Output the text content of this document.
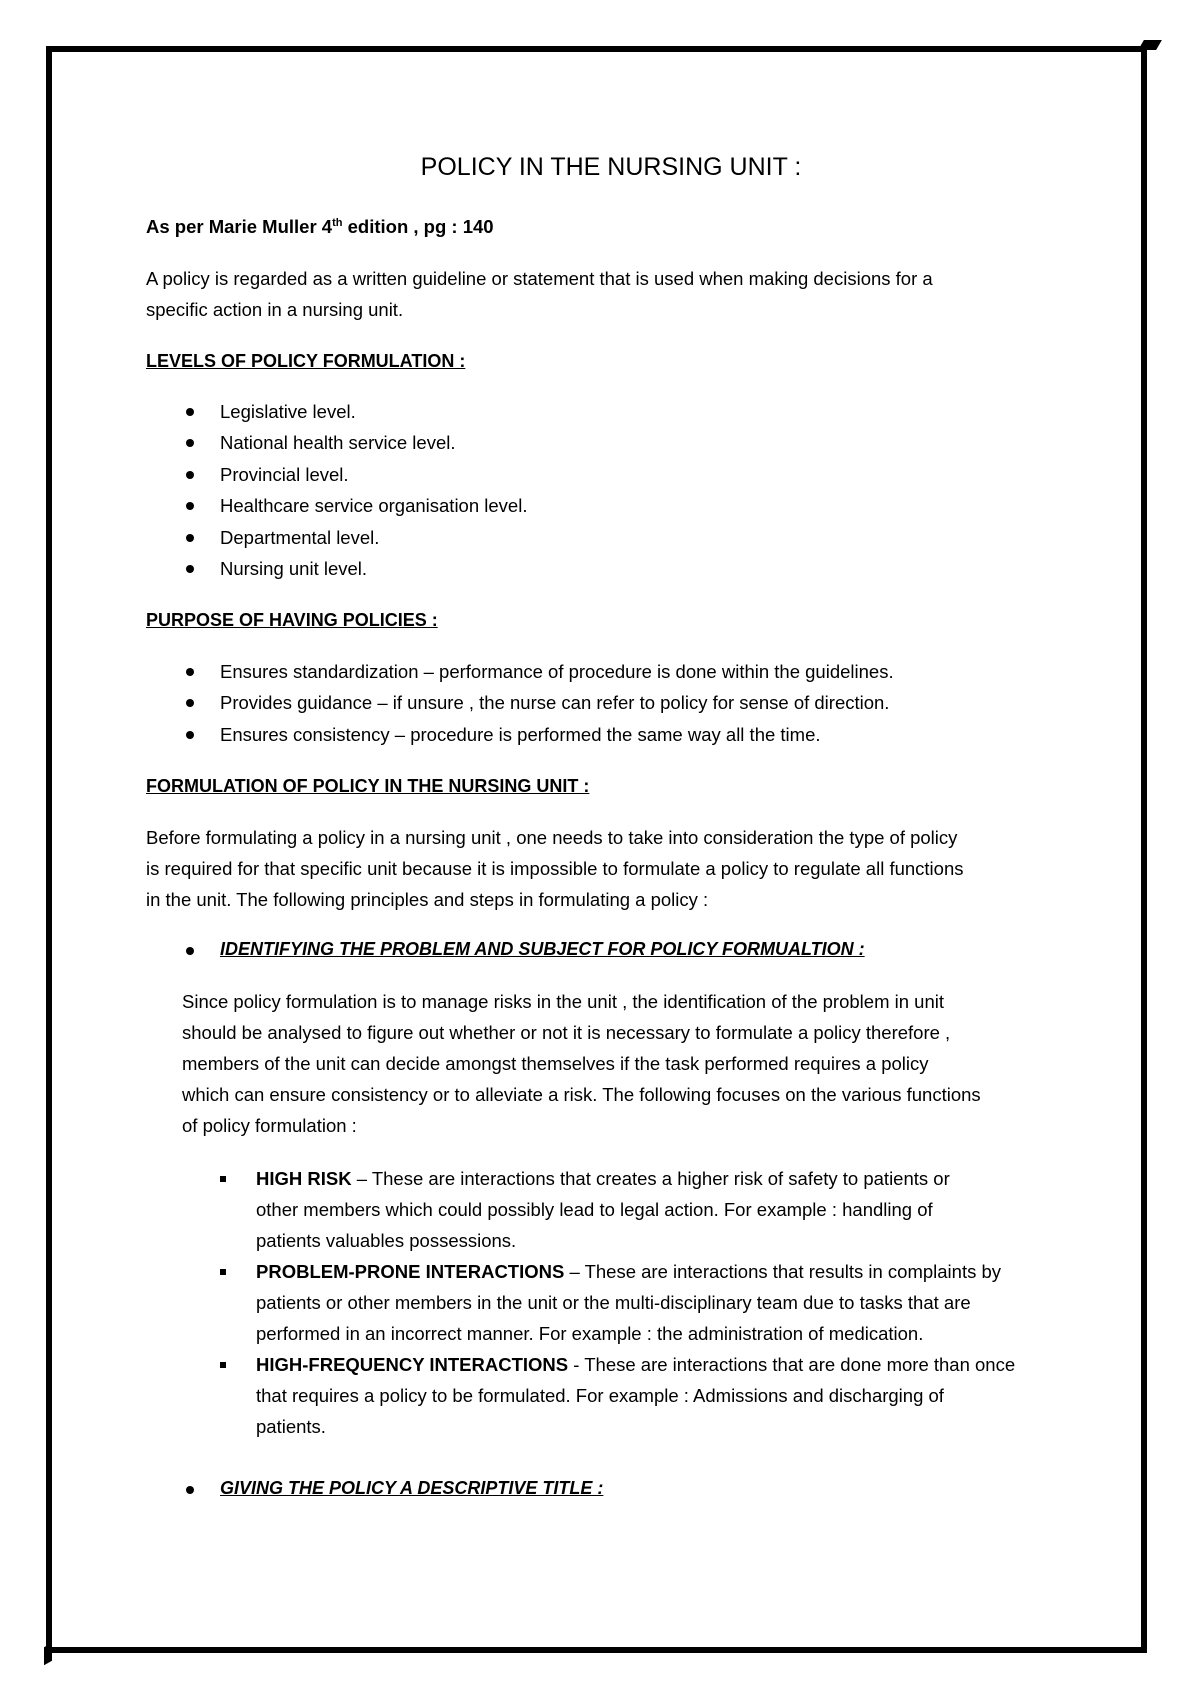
POLICY IN THE NURSING UNIT :
As per Marie Muller 4th edition , pg : 140
A policy is regarded as a written guideline or statement that is used when making decisions for a
specific action in a nursing unit.
LEVELS OF POLICY FORMULATION :
Legislative level.
National health service level.
Provincial level.
Healthcare service organisation level.
Departmental level.
Nursing unit level.
PURPOSE OF HAVING POLICIES :
Ensures standardization – performance of procedure is done within the guidelines.
Provides guidance – if unsure , the nurse can refer to policy for sense of direction.
Ensures consistency – procedure is performed the same way all the time.
FORMULATION OF POLICY IN THE NURSING UNIT :
Before formulating a policy in a nursing unit , one needs to take into consideration the type of policy
is required for that specific unit because it is impossible to formulate a policy to regulate all functions
in the unit. The following principles and steps in formulating a policy :
IDENTIFYING THE PROBLEM AND SUBJECT FOR POLICY FORMUALTION :
Since policy formulation is to manage risks in the unit , the identification of the problem in unit
should be analysed to figure out whether or not it is necessary to formulate a policy therefore ,
members of the unit can decide amongst themselves if the task performed requires a policy
which can ensure consistency or to alleviate a risk. The following focuses on the various functions
of policy formulation :
HIGH RISK – These are interactions that creates a higher risk of safety to patients or
other members which could possibly lead to legal action. For example : handling of
patients valuables possessions.
PROBLEM-PRONE INTERACTIONS – These are interactions that results in complaints by
patients or other members in the unit or the multi-disciplinary team due to tasks that are
performed in an incorrect manner. For example : the administration of medication.
HIGH-FREQUENCY INTERACTIONS - These are interactions that are done more than once
that requires a policy to be formulated. For example : Admissions and discharging of
patients.
GIVING THE POLICY A DESCRIPTIVE TITLE :
